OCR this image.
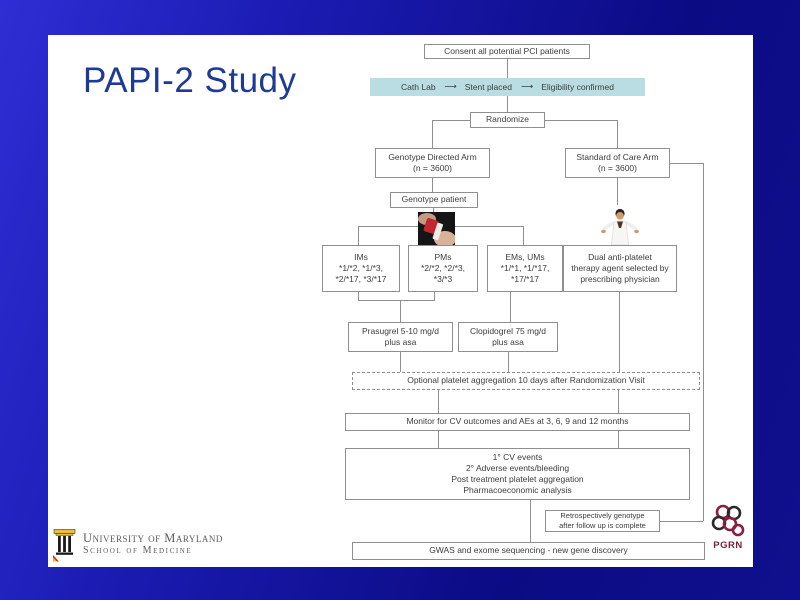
PAPI-2 Study
Consent all potential PCI patients
Cath Lab ⟶ Stent placed ⟶ Eligibility confirmed
Randomize
Genotype Directed Arm
(n = 3600)
Standard of Care Arm
(n = 3600)
Genotype patient
IMs
*1/*2, *1/*3,
*2/*17, *3/*17
PMs
*2/*2, *2/*3,
*3/*3
EMs, UMs
*1/*1, *1/*17,
*17/*17
Dual anti-platelet
therapy agent selected by
prescribing physician
Prasugrel 5-10 mg/d
plus asa
Clopidogrel 75 mg/d
plus asa
Optional platelet aggregation 10 days after Randomization Visit
Monitor for CV outcomes and AEs at 3, 6, 9 and 12 months
1° CV events
2° Adverse events/bleeding
Post treatment platelet aggregation
Pharmacoeconomic analysis
Retrospectively genotype
after follow up is complete
GWAS and exome sequencing - new gene discovery
University of Maryland
School of Medicine	PGRN
